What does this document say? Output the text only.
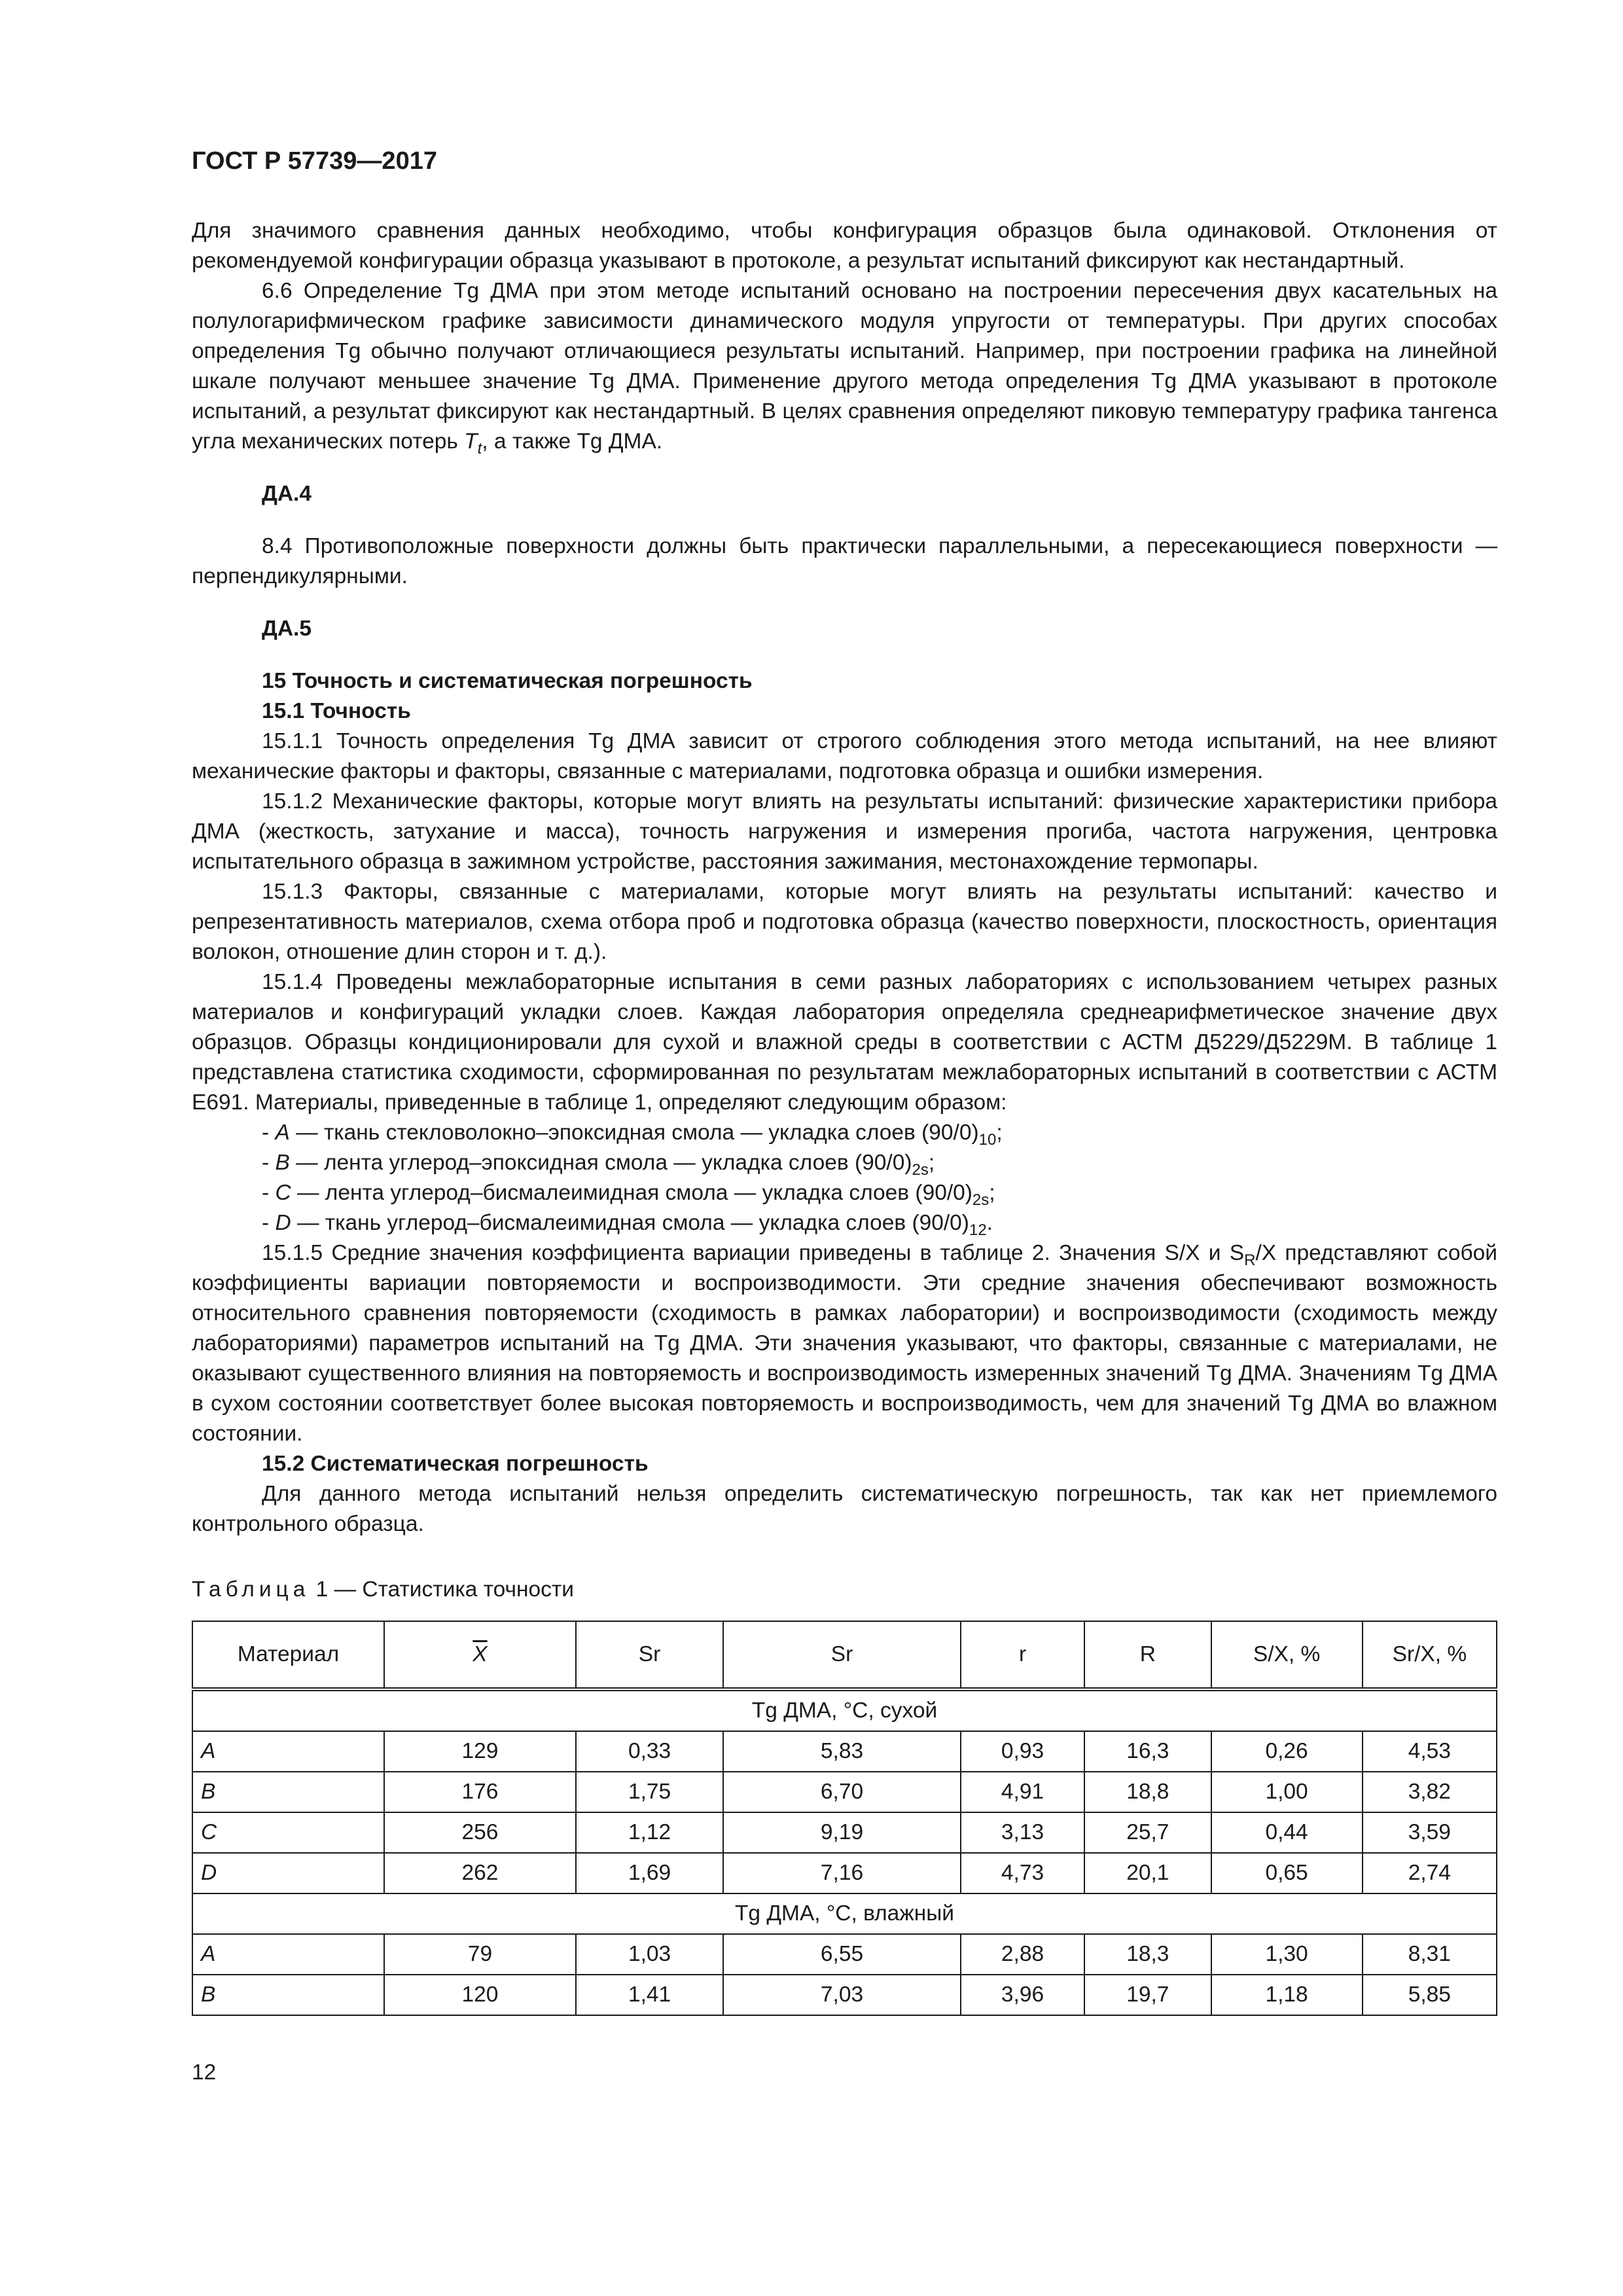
ГОСТ Р 57739—2017

Для значимого сравнения данных необходимо, чтобы конфигурация образцов была одинаковой. Отклонения от рекомендуемой конфигурации образца указывают в протоколе, а результат испытаний фиксируют как нестандартный.

6.6 Определение Tg ДМА при этом методе испытаний основано на построении пересечения двух касательных на полулогарифмическом графике зависимости динамического модуля упругости от температуры. При других способах определения Tg обычно получают отличающиеся результаты испытаний. Например, при построении графика на линейной шкале получают меньшее значение Tg ДМА. Применение другого метода определения Tg ДМА указывают в протоколе испытаний, а результат фиксируют как нестандартный. В целях сравнения определяют пиковую температуру графика тангенса угла механических потерь $T_t$, а также Tg ДМА.

ДА.4

8.4 Противоположные поверхности должны быть практически параллельными, а пересекающиеся поверхности — перпендикулярными.

ДА.5

15 Точность и систематическая погрешность

15.1 Точность

15.1.1 Точность определения Tg ДМА зависит от строгого соблюдения этого метода испытаний, на нее влияют механические факторы и факторы, связанные с материалами, подготовка образца и ошибки измерения.

15.1.2 Механические факторы, которые могут влиять на результаты испытаний: физические характеристики прибора ДМА (жесткость, затухание и масса), точность нагружения и измерения прогиба, частота нагружения, центровка испытательного образца в зажимном устройстве, расстояния зажимания, местонахождение термопары.

15.1.3 Факторы, связанные с материалами, которые могут влиять на результаты испытаний: качество и репрезентативность материалов, схема отбора проб и подготовка образца (качество поверхности, плоскостность, ориентация волокон, отношение длин сторон и т. д.).

15.1.4 Проведены межлабораторные испытания в семи разных лабораториях с использованием четырех разных материалов и конфигураций укладки слоев. Каждая лаборатория определяла среднеарифметическое значение двух образцов. Образцы кондиционировали для сухой и влажной среды в соответствии с АСТМ Д5229/Д5229М. В таблице 1 представлена статистика сходимости, сформированная по результатам межлабораторных испытаний в соответствии с АСТМ Е691. Материалы, приведенные в таблице 1, определяют следующим образом:

- A — ткань стекловолокно–эпоксидная смола — укладка слоев $(90/0)_{10}$;

- B — лента углерод–эпоксидная смола — укладка слоев $(90/0)_{2s}$;

- C — лента углерод–бисмалеимидная смола — укладка слоев $(90/0)_{2s}$;

- D — ткань углерод–бисмалеимидная смола — укладка слоев $(90/0)_{12}$.

15.1.5 Средние значения коэффициента вариации приведены в таблице 2. Значения S/X и $S_R/X$ представляют собой коэффициенты вариации повторяемости и воспроизводимости. Эти средние значения обеспечивают возможность относительного сравнения повторяемости (сходимость в рамках лаборатории) и воспроизводимости (сходимость между лабораториями) параметров испытаний на Tg ДМА. Эти значения указывают, что факторы, связанные с материалами, не оказывают существенного влияния на повторяемость и воспроизводимость измеренных значений Tg ДМА. Значениям Tg ДМА в сухом состоянии соответствует более высокая повторяемость и воспроизводимость, чем для значений Tg ДМА во влажном состоянии.

15.2 Систематическая погрешность

Для данного метода испытаний нельзя определить систематическую погрешность, так как нет приемлемого контрольного образца.

Таблица 1 — Статистика точности
Материал	$\overline{X}$	Sr	Sr	r	R	S/X, %	Sr/X, %
Tg ДМА, °С, сухой							
A	129	0,33	5,83	0,93	16,3	0,26	4,53
B	176	1,75	6,70	4,91	18,8	1,00	3,82
C	256	1,12	9,19	3,13	25,7	0,44	3,59
D	262	1,69	7,16	4,73	20,1	0,65	2,74
Tg ДМА, °С, влажный							
A	79	1,03	6,55	2,88	18,3	1,30	8,31
B	120	1,41	7,03	3,96	19,7	1,18	5,85
12
